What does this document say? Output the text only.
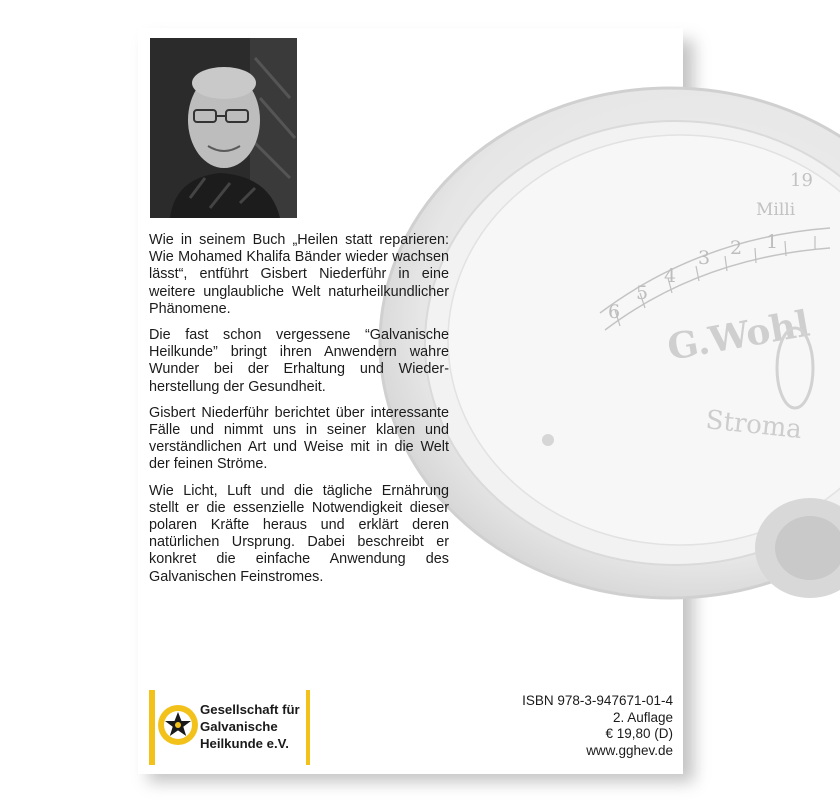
6
5
4
3 2 1
19
Milli
G.Wohl
Stroma

Wie in seinem Buch „Heilen statt reparieren: Wie Mohamed Khalifa Bänder wieder wachsen lässt“, entführt Gisbert Niederführ in eine weitere unglaubliche Welt naturheilkundlicher Phänomene.

Die fast schon vergessene “Galvanische Heilkunde” bringt ihren Anwendern wahre Wunder bei der Erhaltung und Wieder-herstellung der Gesundheit.

Gisbert Niederführ berichtet über interessante Fälle und nimmt uns in seiner klaren und verständlichen Art und Weise mit in die Welt der feinen Ströme.

Wie Licht, Luft und die tägliche Ernährung stellt er die essenzielle Notwendigkeit dieser polaren Kräfte heraus und erklärt deren natürlichen Ursprung. Dabei beschreibt er konkret die einfache Anwendung des Galvanischen Feinstromes.

Gesellschaft für
Galvanische
Heilkunde e.V.
ISBN 978-3-947671-01-4
2. Auflage
€ 19,80 (D)
www.gghev.de
